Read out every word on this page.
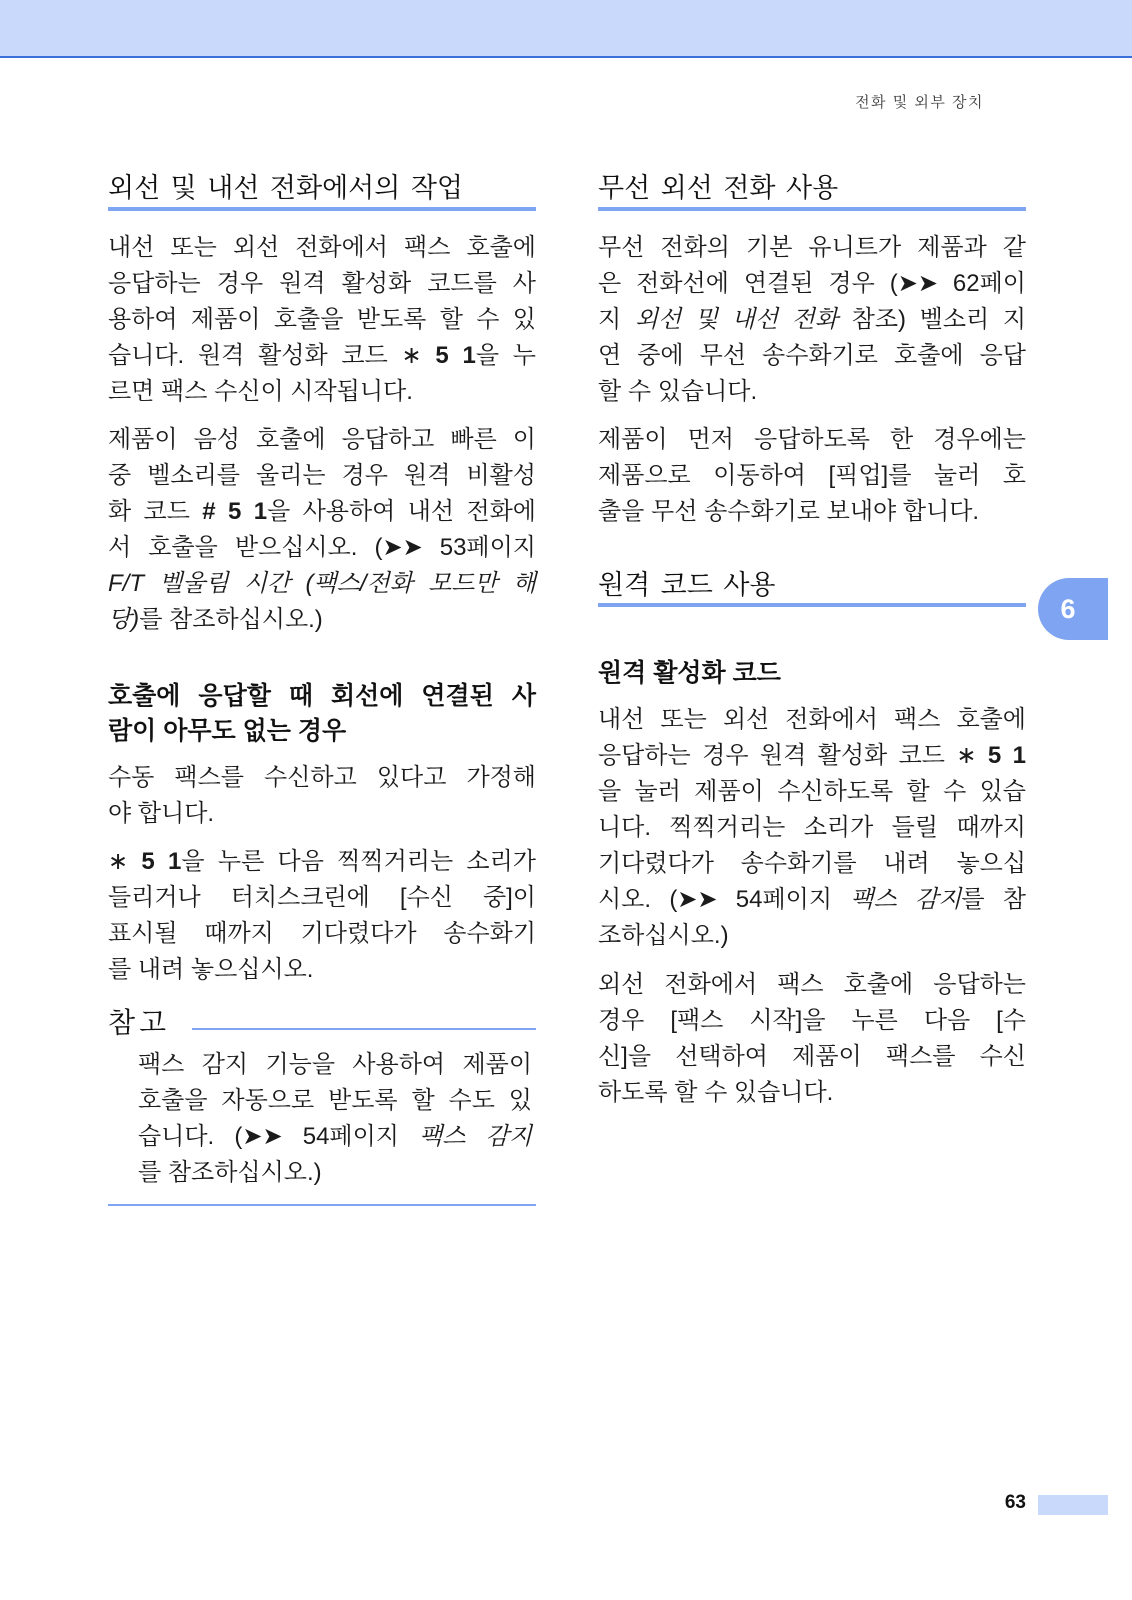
전화 및 외부 장치
외선 및 내선 전화에서의 작업
내선 또는 외선 전화에서 팩스 호출에
응답하는 경우 원격 활성화 코드를 사
용하여 제품이 호출을 받도록 할 수 있
습니다. 원격 활성화 코드 ∗ 5 1을 누
르면 팩스 수신이 시작됩니다.
제품이 음성 호출에 응답하고 빠른 이
중 벨소리를 울리는 경우 원격 비활성
화 코드 # 5 1을 사용하여 내선 전화에
서 호출을 받으십시오. (➤➤ 53페이지
F/T 벨울림 시간 (팩스/전화 모드만 해
당)를 참조하십시오.)
호출에 응답할 때 회선에 연결된 사
람이 아무도 없는 경우
수동 팩스를 수신하고 있다고 가정해
야 합니다.
∗ 5 1을 누른 다음 찍찍거리는 소리가
들리거나 터치스크린에 [수신 중]이
표시될 때까지 기다렸다가 송수화기
를 내려 놓으십시오.
참고
팩스 감지 기능을 사용하여 제품이
호출을 자동으로 받도록 할 수도 있
습니다. (➤➤ 54페이지 팩스 감지
를 참조하십시오.)
무선 외선 전화 사용
무선 전화의 기본 유니트가 제품과 같
은 전화선에 연결된 경우 (➤➤ 62페이
지 외선 및 내선 전화 참조) 벨소리 지
연 중에 무선 송수화기로 호출에 응답
할 수 있습니다.
제품이 먼저 응답하도록 한 경우에는
제품으로 이동하여 [픽업]를 눌러 호
출을 무선 송수화기로 보내야 합니다.
원격 코드 사용
원격 활성화 코드
내선 또는 외선 전화에서 팩스 호출에
응답하는 경우 원격 활성화 코드 ∗ 5 1
을 눌러 제품이 수신하도록 할 수 있습
니다. 찍찍거리는 소리가 들릴 때까지
기다렸다가 송수화기를 내려 놓으십
시오. (➤➤ 54페이지 팩스 감지를 참
조하십시오.)
외선 전화에서 팩스 호출에 응답하는
경우 [팩스 시작]을 누른 다음 [수
신]을 선택하여 제품이 팩스를 수신
하도록 할 수 있습니다.
6
63
